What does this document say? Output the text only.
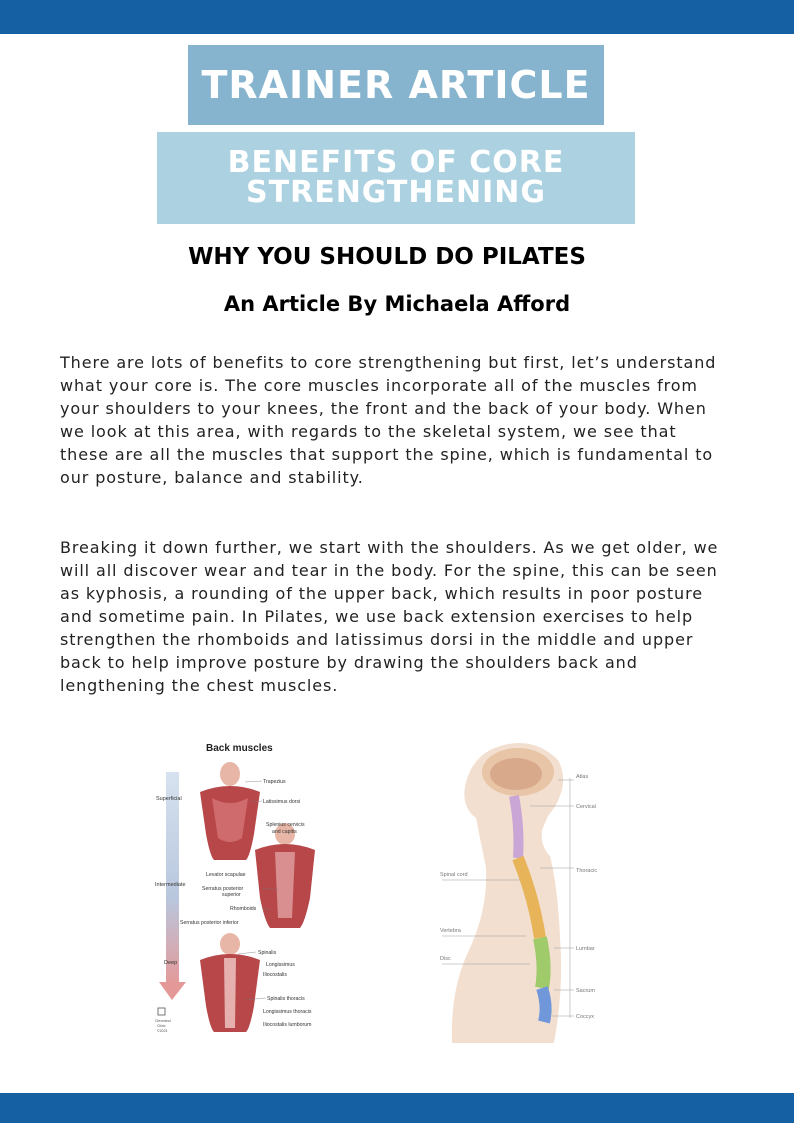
TRAINER ARTICLE
BENEFITS OF CORE STRENGTHENING
WHY YOU SHOULD DO PILATES
An Article By Michaela Afford

There are lots of benefits to core strengthening but first, let’s understand what your core is. The core muscles incorporate all of the muscles from your shoulders to your knees, the front and the back of your body. When we look at this area, with regards to the skeletal system, we see that these are all the muscles that support the spine, which is fundamental to our posture, balance and stability.

Breaking it down further, we start with the shoulders. As we get older, we will all discover wear and tear in the body. For the spine, this can be seen as kyphosis, a rounding of the upper back, which results in poor posture and sometime pain. In Pilates, we use back extension exercises to help strengthen the rhomboids and latissimus dorsi in the middle and upper back to help improve posture by drawing the shoulders back and lengthening the chest muscles.

Back muscles
Superficial
Intermediate
Deep
Trapezius
Latissimus dorsi
Splenius cervicis
and capitis
Levator scapulae
Serratus posterior
superior
Rhomboids
Serratus posterior inferior
Spinalis
Longissimus
Iliocostalis
Spinalis thoracis
Longissimus thoracis
Iliocostalis lumborum
Cleveland
Clinic
©2023
Atlas
Cervical
Thoracic
Lumbar
Sacrum
Coccyx
Spinal cord
Vertebra
Disc
